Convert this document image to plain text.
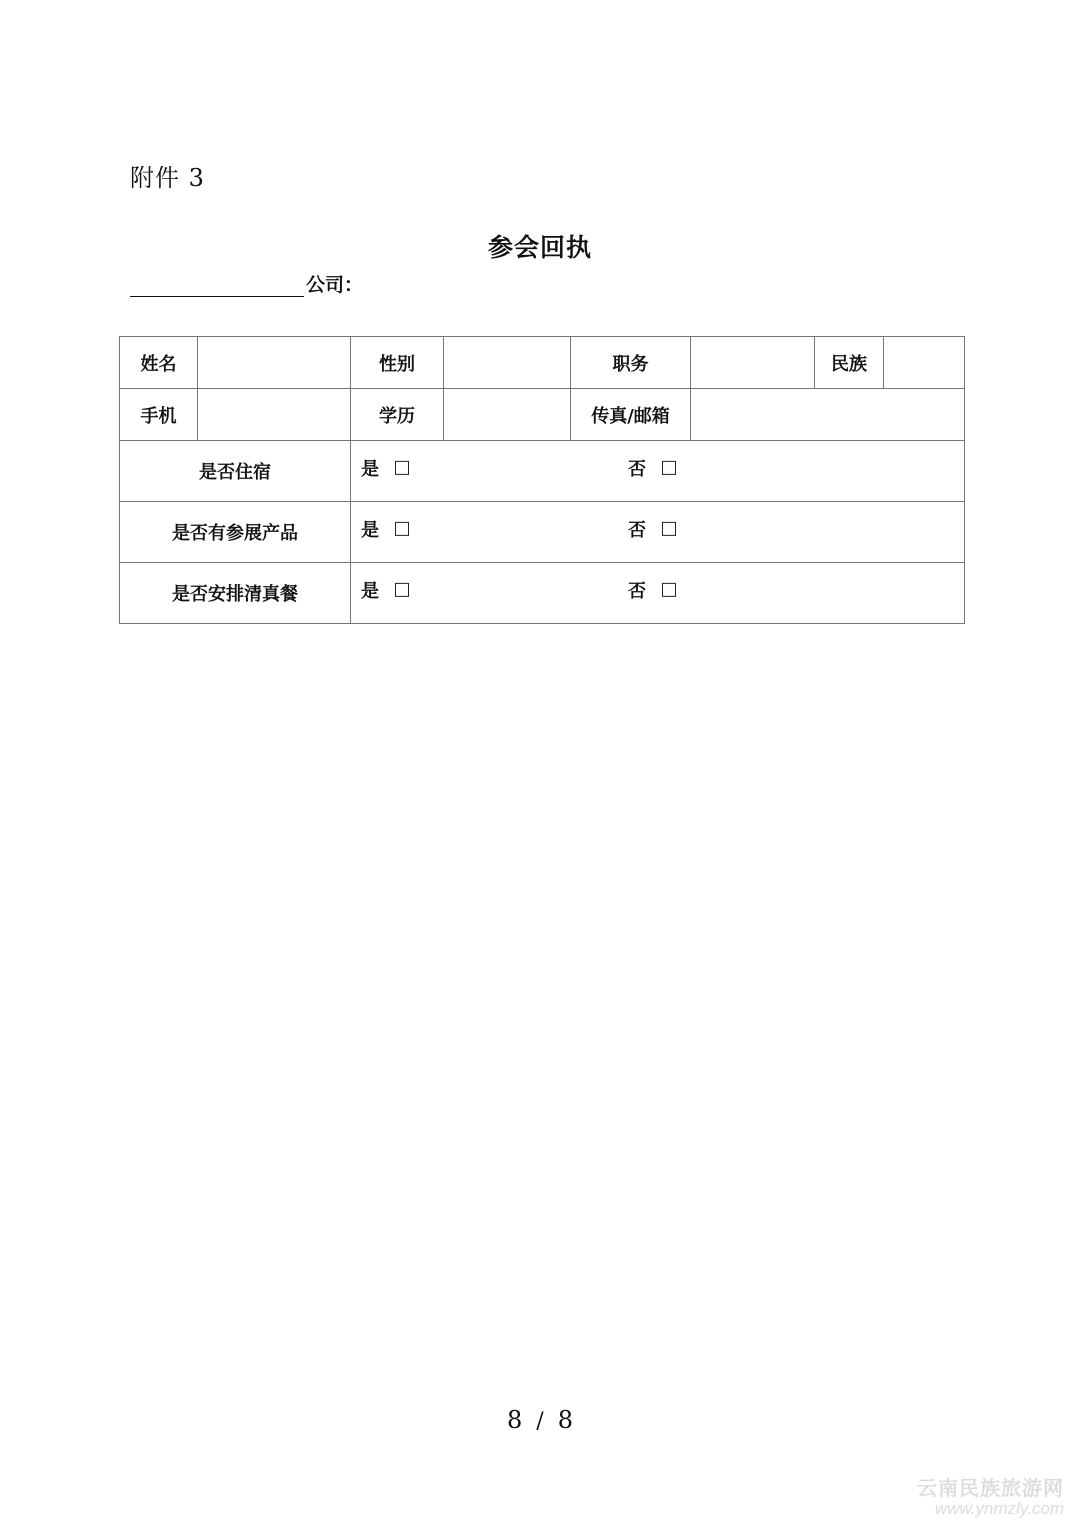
附件 3
参会回执
公司：
姓名		性别		职务		民族	
手机		学历		传真/邮箱			
是否住宿		是 否					

是否有参展产品		是 否					

是否安排清真餐		是 否					
8 / 8
云南民族旅游网
www.ynmzly.com
